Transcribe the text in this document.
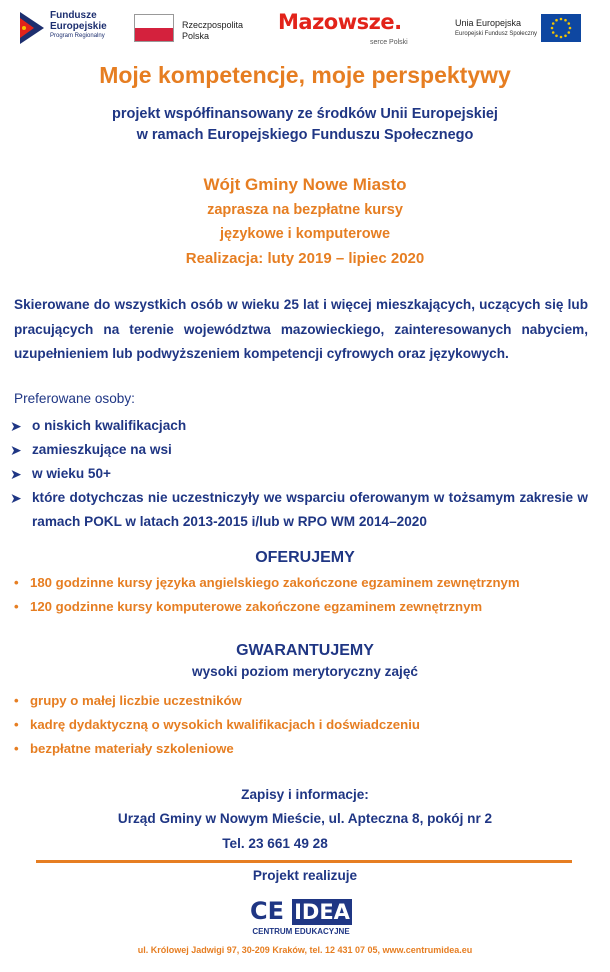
Fundusze
Europejskie
Program Regionalny
Rzeczpospolita
Polska
Mazowsze.
serce Polski
Unia Europejska
Europejski Fundusz Społeczny
Moje kompetencje, moje perspektywy
projekt współfinansowany ze środków Unii Europejskiej
w ramach Europejskiego Funduszu Społecznego
Wójt Gminy Nowe Miasto
zaprasza na bezpłatne kursy
językowe i komputerowe
Realizacja: luty 2019 – lipiec 2020
Skierowane do wszystkich osób w wieku 25 lat i więcej mieszkających, uczących się lub pracujących na terenie województwa mazowieckiego, zainteresowanych nabyciem, uzupełnieniem lub podwyższeniem kompetencji cyfrowych oraz językowych.
Preferowane osoby:
➤ o niskich kwalifikacjach
➤ zamieszkujące na wsi
➤ w wieku 50+
➤ które dotychczas nie uczestniczyły we wsparciu oferowanym w tożsamym zakresie w ramach POKL w latach 2013-2015 i/lub w RPO WM 2014–2020
OFERUJEMY
• 180 godzinne kursy języka angielskiego zakończone egzaminem zewnętrznym
• 120 godzinne kursy komputerowe zakończone egzaminem zewnętrznym
GWARANTUJEMY
wysoki poziom merytoryczny zajęć
• grupy o małej liczbie uczestników
• kadrę dydaktyczną o wysokich kwalifikacjach i doświadczeniu
• bezpłatne materiały szkoleniowe
Zapisy i informacje:
Urząd Gminy w Nowym Mieście, ul. Apteczna 8, pokój nr 2
Tel. 23 661 49 28
Projekt realizuje
CE IDEA
CENTRUM EDUKACYJNE
ul. Królowej Jadwigi 97, 30-209 Kraków, tel. 12 431 07 05, www.centrumidea.eu
